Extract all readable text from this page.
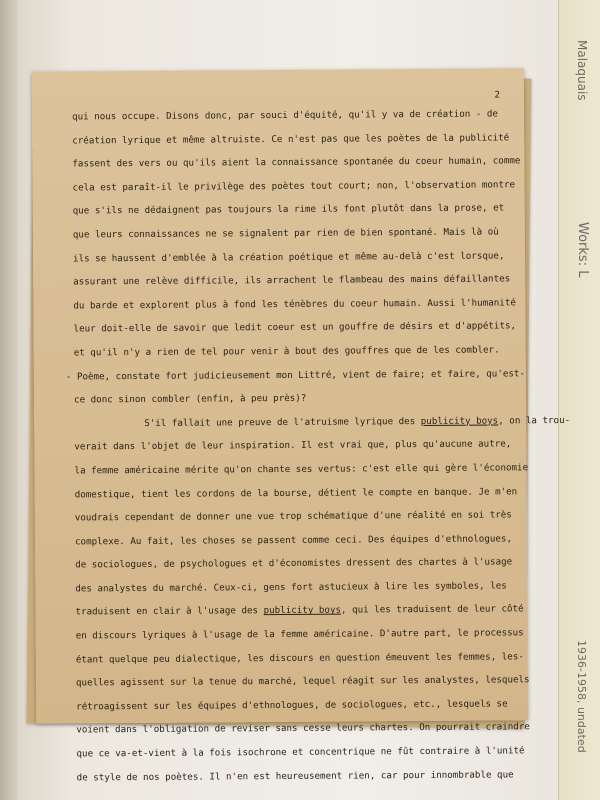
Malaquais
Works: L
1936-1958, undated
2

qui nous occupe. Disons donc, par souci d'équité, qu'il y va de création - de

création lyrique et même altruiste. Ce n'est pas que les poètes de la publicité

fassent des vers ou qu'ils aient la connaissance spontanée du coeur humain, comme

cela est paraît-il le privilège des poètes tout court; non, l'observation montre

que s'ils ne dédaignent pas toujours la rime ils font plutôt dans la prose, et

que leurs connaissances ne se signalent par rien de bien spontané. Mais là où

ils se haussent d'emblée à la création poétique et même au-delà c'est lorsque,

assurant une relève difficile, ils arrachent le flambeau des mains défaillantes

du barde et explorent plus à fond les ténèbres du coeur humain. Aussi l'humanité

leur doit-elle de savoir que ledit coeur est un gouffre de désirs et d'appétits,

et qu'il n'y a rien de tel pour venir à bout des gouffres que de les combler.

- Poème, constate fort judicieusement mon Littré, vient de faire; et faire, qu'est-

ce donc sinon combler (enfin, à peu près)?

S'il fallait une preuve de l'atruisme lyrique des publicity boys, on la trou-

verait dans l'objet de leur inspiration. Il est vrai que, plus qu'aucune autre,

la femme américaine mérite qu'on chante ses vertus: c'est elle qui gère l'économie

domestique, tient les cordons de la bourse, détient le compte en banque. Je m'en

voudrais cependant de donner une vue trop schématique d'une réalité en soi très

complexe. Au fait, les choses se passent comme ceci. Des équipes d'ethnologues,

de sociologues, de psychologues et d'économistes dressent des chartes à l'usage

des analystes du marché. Ceux-ci, gens fort astucieux à lire les symboles, les

traduisent en clair à l'usage des publicity boys, qui les traduisent de leur côté

en discours lyriques à l'usage de la femme américaine. D'autre part, le processus

étant quelque peu dialectique, les discours en question émeuvent les femmes, les-

quelles agissent sur la tenue du marché, lequel réagit sur les analystes, lesquels

rétroagissent sur les équipes d'ethnologues, de sociologues, etc., lesquels se

voient dans l'obligation de reviser sans cesse leurs chartes. On pourrait craindre

que ce va-et-vient à la fois isochrone et concentrique ne fût contraire à l'unité

de style de nos poètes. Il n'en est heureusement rien, car pour innombrable que
